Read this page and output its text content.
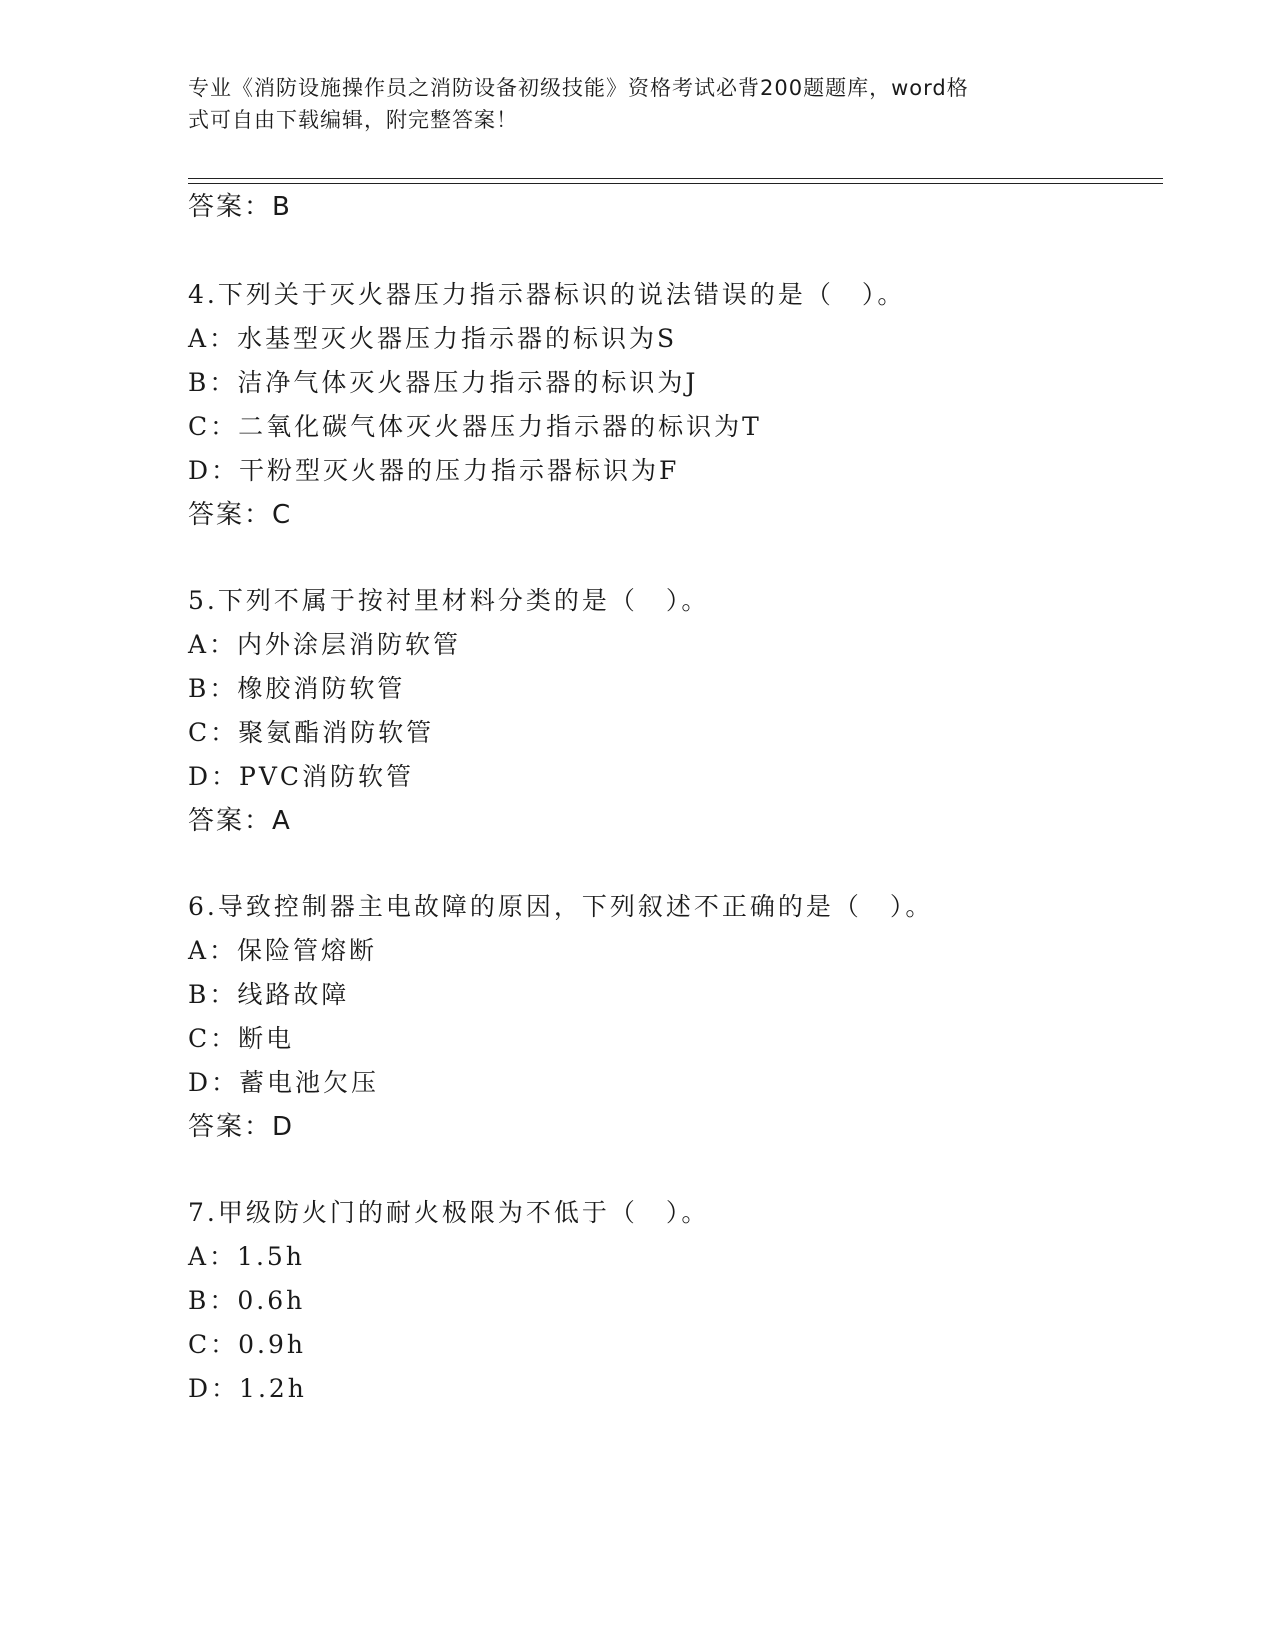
专业《消防设施操作员之消防设备初级技能》资格考试必背200题题库，word格
式可自由下载编辑，附完整答案！
答案：B
4.下列关于灭火器压力指示器标识的说法错误的是（　）。
A：水基型灭火器压力指示器的标识为S
B：洁净气体灭火器压力指示器的标识为J
C：二氧化碳气体灭火器压力指示器的标识为T
D：干粉型灭火器的压力指示器标识为F
答案：C
5.下列不属于按衬里材料分类的是（　）。
A：内外涂层消防软管
B：橡胶消防软管
C：聚氨酯消防软管
D：PVC消防软管
答案：A
6.导致控制器主电故障的原因，下列叙述不正确的是（　）。
A：保险管熔断
B：线路故障
C：断电
D：蓄电池欠压
答案：D
7.甲级防火门的耐火极限为不低于（　）。
A：1.5h
B：0.6h
C：0.9h
D：1.2h
